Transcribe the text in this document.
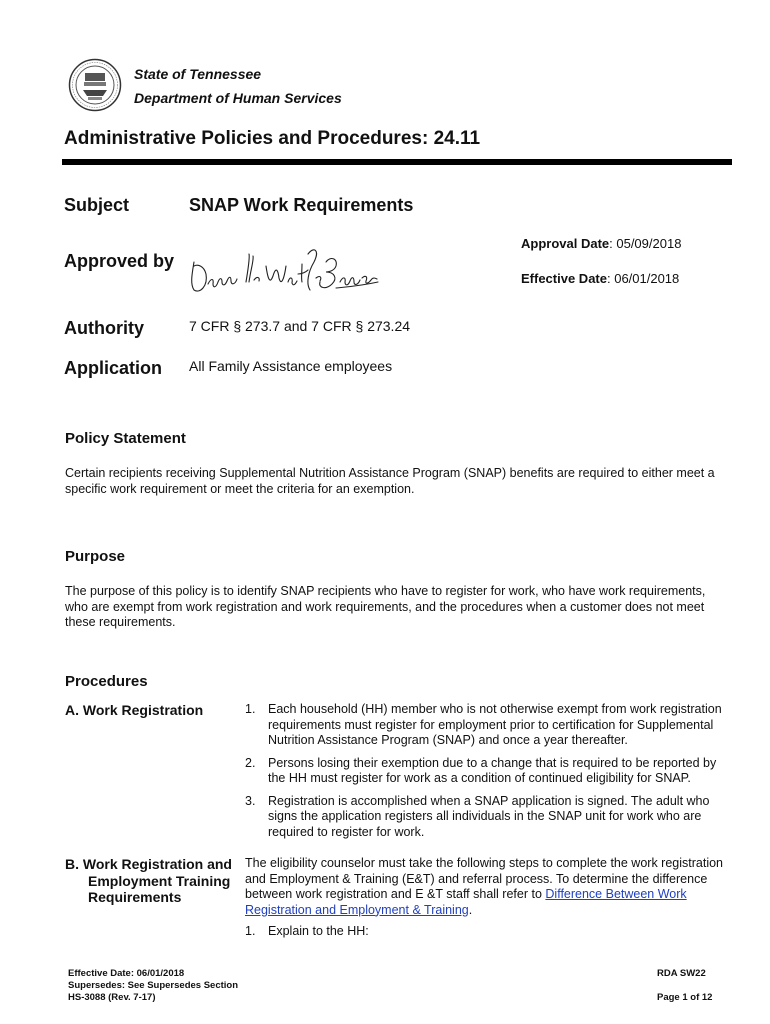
State of Tennessee
Department of Human Services
Administrative Policies and Procedures: 24.11
Subject	SNAP Work Requirements
Approved by
Approval Date: 05/09/2018
Effective Date: 06/01/2018
Authority	7 CFR § 273.7 and 7 CFR § 273.24
Application All Family Assistance employees
Policy Statement
Certain recipients receiving Supplemental Nutrition Assistance Program (SNAP) benefits are required to either meet a specific work requirement or meet the criteria for an exemption.
Purpose
The purpose of this policy is to identify SNAP recipients who have to register for work, who have work requirements, who are exempt from work registration and work requirements, and the procedures when a customer does not meet these requirements.
Procedures
A. Work Registration	1. Each household (HH) member who is not otherwise exempt from work registration requirements must register for employment prior to certification for Supplemental Nutrition Assistance Program (SNAP) and once a year thereafter.
2. Persons losing their exemption due to a change that is required to be reported by the HH must register for work as a condition of continued eligibility for SNAP.
3. Registration is accomplished when a SNAP application is signed. The adult who signs the application registers all individuals in the SNAP unit for work who are required to register for work.
B. Work Registration and
Employment Training
Requirements
The eligibility counselor must take the following steps to complete the work registration and Employment & Training (E&T) and referral process. To determine the difference between work registration and E &T staff shall refer to Difference Between Work Registration and Employment & Training.
1. Explain to the HH:
Effective Date: 06/01/2018
Supersedes: See Supersedes Section
HS-3088 (Rev. 7-17)
RDA SW22
Page 1 of 12
